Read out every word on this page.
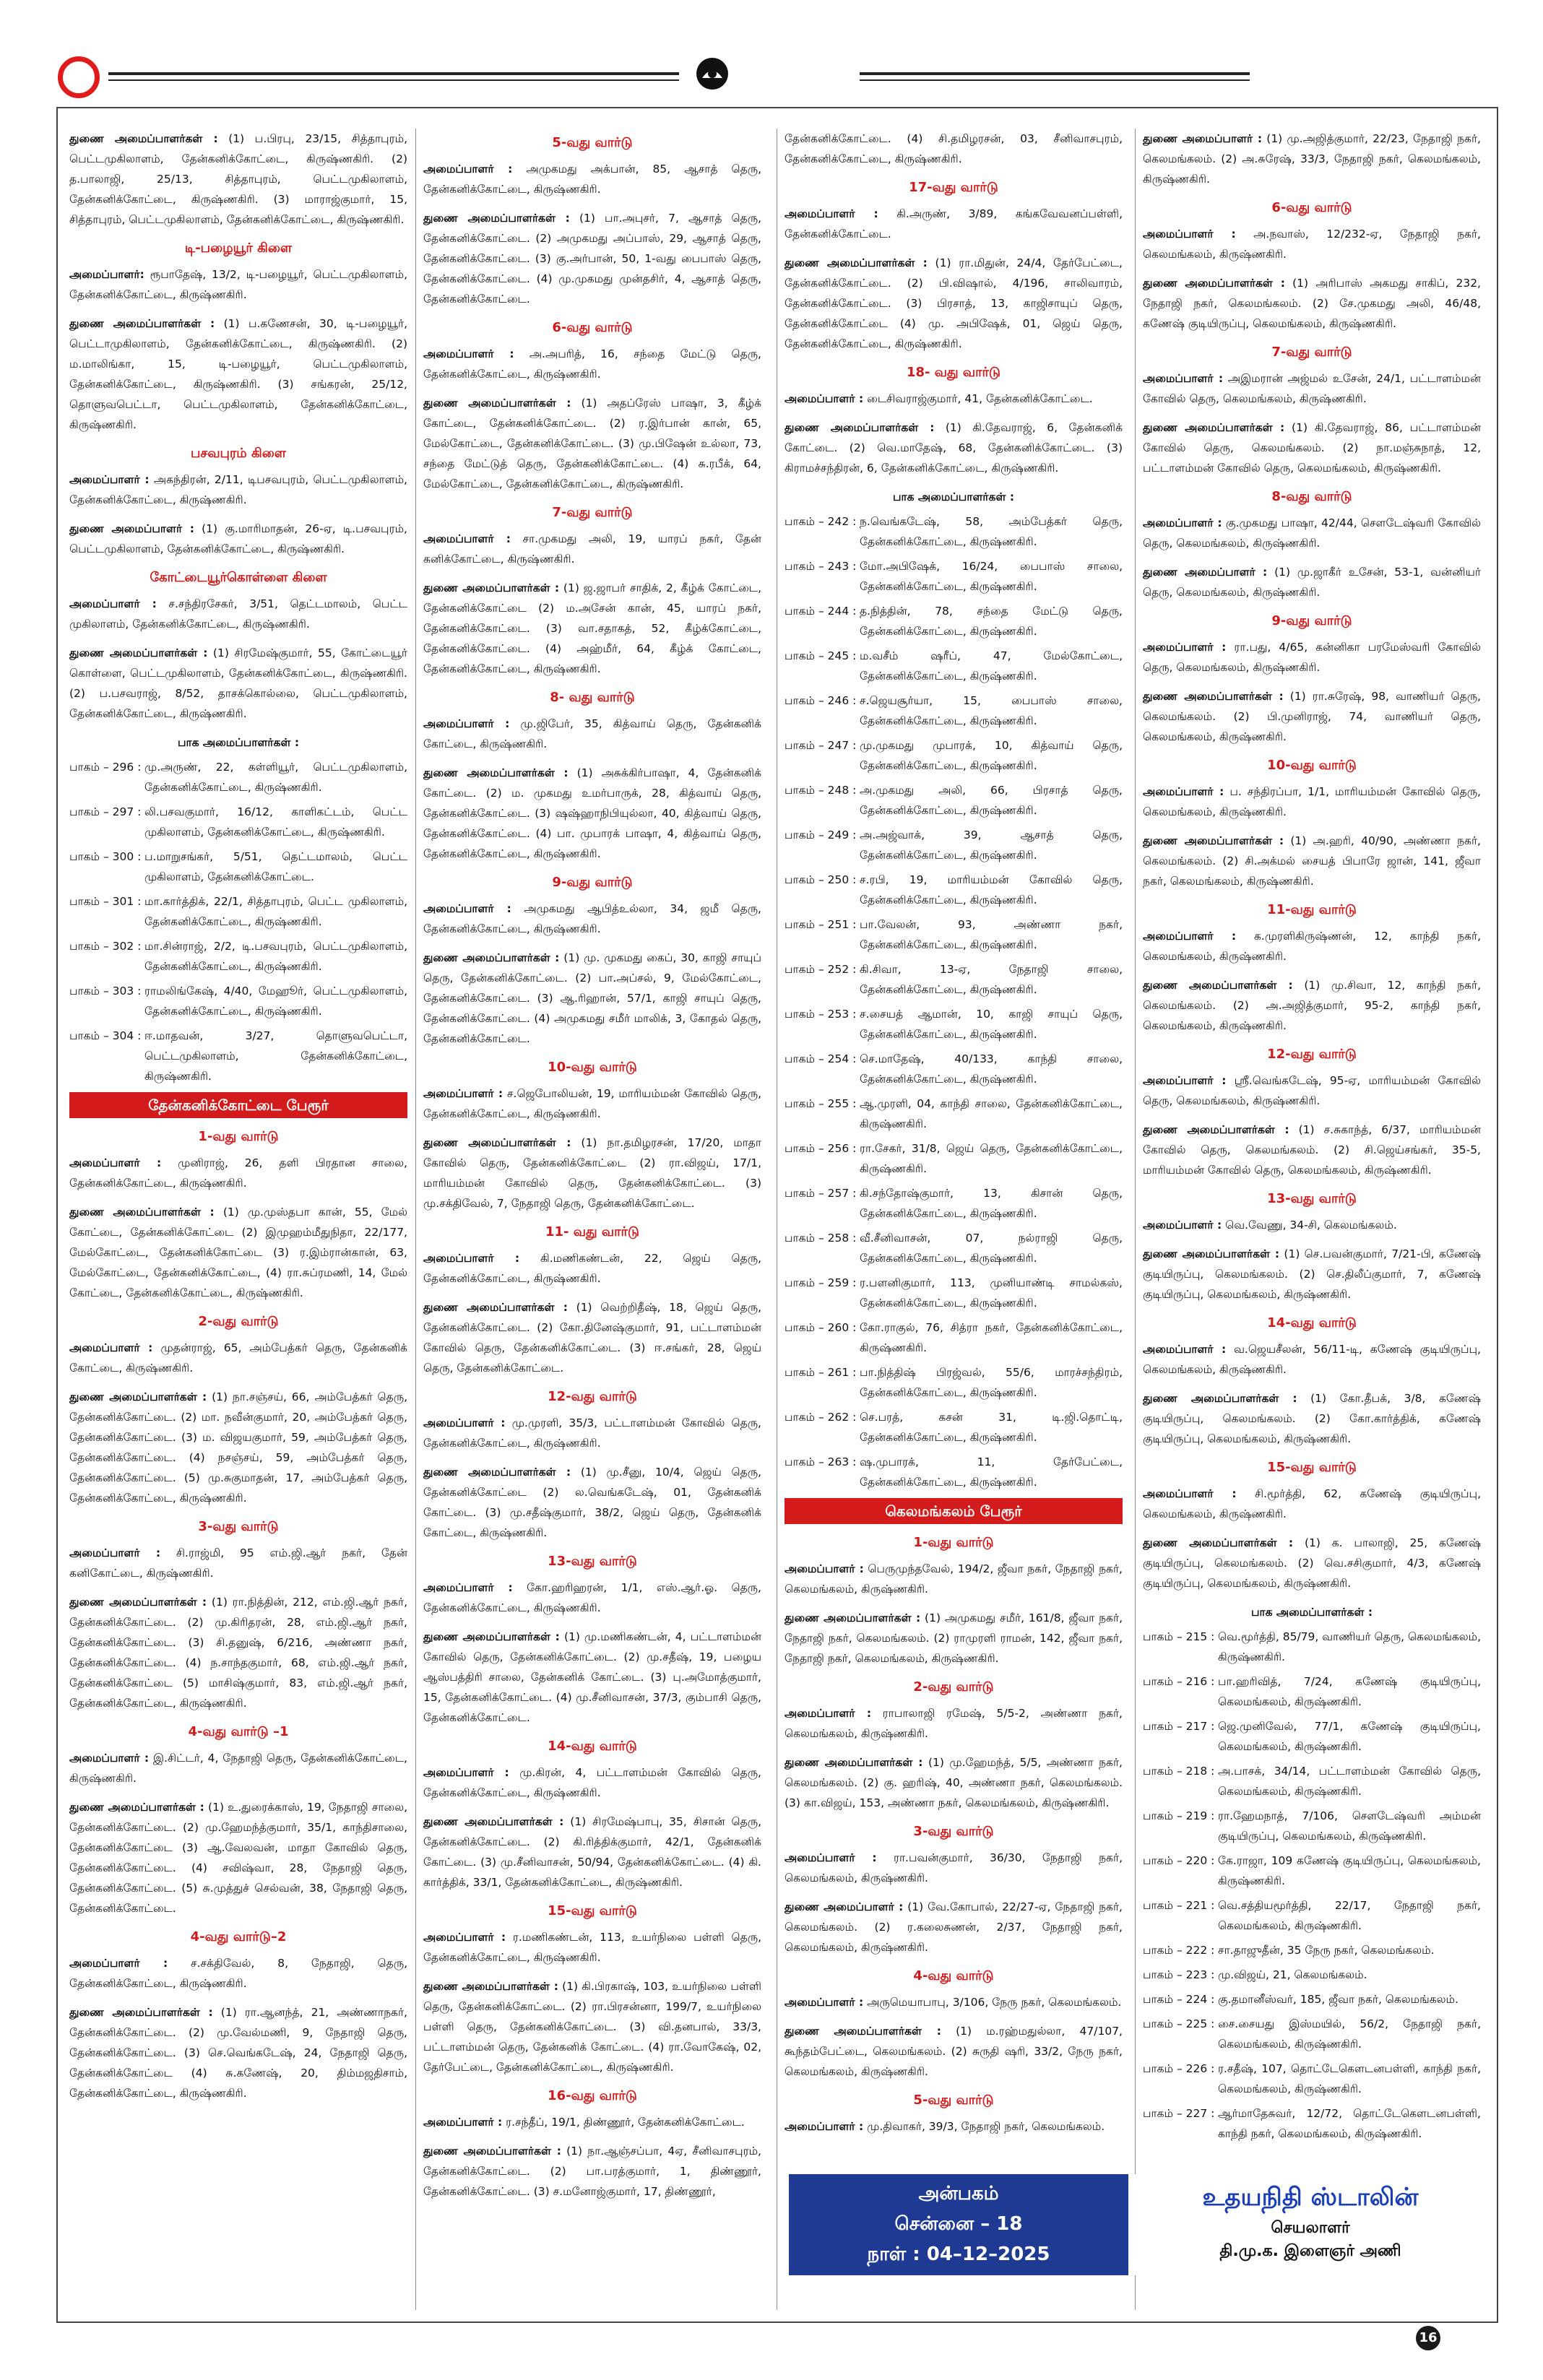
துணை அமைப்பாளர்கள் : (1) ப.பிரபு, 23/15, சித்தாபுரம், பெட்டமுகிலாளம், தேன்கனிக்கோட்டை, கிருஷ்ணகிரி. (2) த.பாலாஜி, 25/13, சித்தாபுரம், பெட்டமுகிலாளம், தேன்கனிக்கோட்டை, கிருஷ்ணகிரி. (3) மாராஜ்குமார், 15, சித்தாபுரம், பெட்டமுகிலாளம், தேன்கனிக்கோட்டை, கிருஷ்ணகிரி.
டி-பழையூர் கிளை
அமைப்பாளர்: ரூபாதேஷ், 13/2, டி-பழையூர், பெட்டமுகிலாளம், தேன்கனிக்கோட்டை, கிருஷ்ணகிரி.
துணை அமைப்பாளர்கள் : (1) ப.கணேசன், 30, டி-பழையூர், பெட்டாமுகிலாளம், தேன்கனிக்கோட்டை, கிருஷ்ணகிரி. (2) ம.மாலிங்கா, 15, டி-பழையூர், பெட்டமுகிலாளம், தேன்கனிக்கோட்டை, கிருஷ்ணகிரி. (3) சங்கரன், 25/12, தொளுவபெட்டா, பெட்டமுகிலாளம், தேன்கனிக்கோட்டை, கிருஷ்ணகிரி.
பசவபுரம் கிளை
அமைப்பாளர் : அகந்திரன், 2/11, டிபசவபுரம், பெட்டமுகிலாளம், தேன்கனிக்கோட்டை, கிருஷ்ணகிரி.
துணை அமைப்பாளர் : (1) கு.மாரிமாதன், 26-ஏ, டி.பசவபுரம், பெட்டமுகிலாளம், தேன்கனிக்கோட்டை, கிருஷ்ணகிரி.
கோட்டையூர்கொள்ளை கிளை
அமைப்பாளர் : ச.சந்திரசேகர், 3/51, தெட்டமாலம், பெட்ட முகிலாளம், தேன்கனிக்கோட்டை, கிருஷ்ணகிரி.
துணை அமைப்பாளர்கள் : (1) சிரமேஷ்குமார், 55, கோட்டையூர் கொள்ளை, பெட்டமுகிலாளம், தேன்கனிக்கோட்டை, கிருஷ்ணகிரி. (2) ப.பசவராஜ், 8/52, தாசக்கொல்லை, பெட்டமுகிலாளம், தேன்கனிக்கோட்டை, கிருஷ்ணகிரி.
பாக அமைப்பாளர்கள் :
பாகம் – 296 : மு.அருண், 22, கள்ளியூர், பெட்டமுகிலாளம், தேன்கனிக்கோட்டை, கிருஷ்ணகிரி.
பாகம் – 297 : லி.பசவகுமார், 16/12, காளிகட்டம், பெட்ட முகிலாளம், தேன்கனிக்கோட்டை, கிருஷ்ணகிரி.
பாகம் – 300 : ப.மாறுசங்கர், 5/51, தெட்டமாலம், பெட்ட முகிலாளம், தேன்கனிக்கோட்டை.
பாகம் – 301 : மா.கார்த்திக், 22/1, சித்தாபுரம், பெட்ட முகிலாளம், தேன்கனிக்கோட்டை, கிருஷ்ணகிரி.
பாகம் – 302 : மா.சின்ராஜ், 2/2, டி.பசவபுரம், பெட்டமுகிலாளம், தேன்கனிக்கோட்டை, கிருஷ்ணகிரி.
பாகம் – 303 : ராமலிங்கேஷ், 4/40, மேஹூர், பெட்டமுகிலாளம், தேன்கனிக்கோட்டை, கிருஷ்ணகிரி.
பாகம் – 304 : ஈ.மாதவன், 3/27, தொளுவபெட்டா, பெட்டமுகிலாளம், தேன்கனிக்கோட்டை, கிருஷ்ணகிரி.
தேன்கனிக்கோட்டை பேரூர்
1-வது வார்டு
அமைப்பாளர் : முனிராஜ், 26, தளி பிரதான சாலை, தேன்கனிக்கோட்டை, கிருஷ்ணகிரி.
துணை அமைப்பாளர்கள் : (1) மு.முஸ்தபா கான், 55, மேல் கோட்டை, தேன்கனிக்கோட்டை (2) இமுஹம்மீதுநிதா, 22/177, மேல்கோட்டை, தேன்கனிக்கோட்டை (3) ர.இம்ரான்கான், 63, மேல்கோட்டை, தேன்கனிக்கோட்டை, (4) ரா.சுப்ரமணி, 14, மேல் கோட்டை, தேன்கனிக்கோட்டை, கிருஷ்ணகிரி.
2-வது வார்டு
அமைப்பாளர் : முதன்ராஜ், 65, அம்பேத்கர் தெரு, தேன்கனிக் கோட்டை, கிருஷ்ணகிரி.
துணை அமைப்பாளர்கள் : (1) நா.சஞ்சய், 66, அம்பேத்கர் தெரு, தேன்கனிக்கோட்டை. (2) மா. நவீன்குமார், 20, அம்பேத்கர் தெரு, தேன்கனிக்கோட்டை. (3) ம. விஜயகுமார், 59, அம்பேத்கர் தெரு, தேன்கனிக்கோட்டை. (4) நசஞ்சய், 59, அம்பேத்கர் தெரு, தேன்கனிக்கோட்டை. (5) மு.சுகுமாதன், 17, அம்பேத்கர் தெரு, தேன்கனிக்கோட்டை, கிருஷ்ணகிரி.
3-வது வார்டு
அமைப்பாளர் : சி.ராஜ்மி, 95 எம்.ஜி.ஆர் நகர், தேன் கனிகோட்டை, கிருஷ்ணகிரி.
துணை அமைப்பாளர்கள் : (1) ரா.நித்தின், 212, எம்.ஜி.ஆர் நகர், தேன்கனிக்கோட்டை. (2) மு.கிரிதரன், 28, எம்.ஜி.ஆர் நகர், தேன்கனிக்கோட்டை. (3) சி.தனுஷ், 6/216, அண்ணா நகர், தேன்கனிக்கோட்டை. (4) ந.சாந்தகுமார், 68, எம்.ஜி.ஆர் நகர், தேன்கனிக்கோட்டை (5) மாசிஷ்குமார், 83, எம்.ஜி.ஆர் நகர், தேன்கனிக்கோட்டை, கிருஷ்ணகிரி.
4-வது வார்டு –1
அமைப்பாளர் : இ.சிட்டர், 4, நேதாஜி தெரு, தேன்கனிக்கோட்டை, கிருஷ்ணகிரி.
துணை அமைப்பாளர்கள் : (1) உ.துரைக்காஸ், 19, நேதாஜி சாலை, தேன்கனிக்கோட்டை. (2) மு.ஹேமந்த்குமார், 35/1, காந்திசாலை, தேன்கனிக்கோட்டை (3) ஆ.வேலவன், மாதா கோவில் தெரு, தேன்கனிக்கோட்டை. (4) சவிஷ்வா, 28, நேதாஜி தெரு, தேன்கனிக்கோட்டை. (5) சு.முத்துச் செல்வன், 38, நேதாஜி தெரு, தேன்கனிக்கோட்டை.
4-வது வார்டு–2
அமைப்பாளர் : ச.சக்திவேல், 8, நேதாஜி, தெரு, தேன்கனிக்கோட்டை, கிருஷ்ணகிரி.
துணை அமைப்பாளர்கள் : (1) ரா.ஆனந்த், 21, அண்ணாநகர், தேன்கனிக்கோட்டை. (2) மு.வேல்மணி, 9, நேதாஜி தெரு, தேன்கனிக்கோட்டை. (3) செ.வெங்கடேஷ், 24, நேதாஜி தெரு, தேன்கனிக்கோட்டை (4) சு.கணேஷ், 20, திம்மஜதிசாம், தேன்கனிக்கோட்டை, கிருஷ்ணகிரி.
5-வது வார்டு
அமைப்பாளர் : அமுகமது அக்பான், 85, ஆசாத் தெரு, தேன்கனிக்கோட்டை, கிருஷ்ணகிரி.
துணை அமைப்பாளர்கள் : (1) பா.அபுசர், 7, ஆசாத் தெரு, தேன்கனிக்கோட்டை. (2) அமுகமது அப்பாஸ், 29, ஆசாத் தெரு, தேன்கனிக்கோட்டை. (3) கு.அர்பான், 50, 1-வது பைபாஸ் தெரு, தேன்கனிக்கோட்டை. (4) மு.முகமது முன்தசிர், 4, ஆசாத் தெரு, தேன்கனிக்கோட்டை.
6-வது வார்டு
அமைப்பாளர் : அ.அபரித், 16, சந்தை மேட்டு தெரு, தேன்கனிக்கோட்டை, கிருஷ்ணகிரி.
துணை அமைப்பாளர்கள் : (1) அதப்ரேஸ் பாஷா, 3, கீழ்க் கோட்டை, தேன்கனிக்கோட்டை. (2) ர.இர்பான் கான், 65, மேல்கோட்டை, தேன்கனிக்கோட்டை. (3) மு.பிஷேன் உல்லா, 73, சந்தை மேட்டுத் தெரு, தேன்கனிக்கோட்டை. (4) சு.ரபீக், 64, மேல்கோட்டை, தேன்கனிக்கோட்டை, கிருஷ்ணகிரி.
7-வது வார்டு
அமைப்பாளர் : சா.முகமது அலி, 19, யாரப் நகர், தேன் கனிக்கோட்டை, கிருஷ்ணகிரி.
துணை அமைப்பாளர்கள் : (1) ஜ.ஜாபர் சாதிக், 2, கீழ்க் கோட்டை, தேன்கனிக்கோட்டை (2) ம.அசேன் கான், 45, யாரப் நகர், தேன்கனிக்கோட்டை. (3) வா.சதாகத், 52, கீழ்க்கோட்டை, தேன்கனிக்கோட்டை. (4) அஹ்மீர், 64, கீழ்க் கோட்டை, தேன்கனிக்கோட்டை, கிருஷ்ணகிரி.
8- வது வார்டு
அமைப்பாளர் : மு.ஜிபேர், 35, கித்வாய் தெரு, தேன்கனிக் கோட்டை, கிருஷ்ணகிரி.
துணை அமைப்பாளர்கள் : (1) அசுக்கிர்பாஷா, 4, தேன்கனிக் கோட்டை. (2) ம. முகமது உமர்பாருக், 28, கித்வாய் தெரு, தேன்கனிக்கோட்டை. (3) ஷஷ்ஹாநிபியுல்லா, 40, கித்வாய் தெரு, தேன்கனிக்கோட்டை. (4) பா. முபாரக் பாஷா, 4, கித்வாய் தெரு, தேன்கனிக்கோட்டை, கிருஷ்ணகிரி.
9-வது வார்டு
அமைப்பாளர் : அமுகமது ஆபித்உல்லா, 34, ஜமீ தெரு, தேன்கனிக்கோட்டை, கிருஷ்ணகிரி.
துணை அமைப்பாளர்கள் : (1) மு. முகமது கைப், 30, காஜி சாயுப் தெரு, தேன்கனிக்கோட்டை. (2) பா.அப்சல், 9, மேல்கோட்டை, தேன்கனிக்கோட்டை. (3) ஆ.ரிஹான், 57/1, காஜி சாயுப் தெரு, தேன்கனிக்கோட்டை. (4) அமுகமது சமீர் மாலிக், 3, கோதல் தெரு, தேன்கனிக்கோட்டை.
10-வது வார்டு
அமைப்பாளர் : ச.ஜெபோலியன், 19, மாரியம்மன் கோவில் தெரு, தேன்கனிக்கோட்டை, கிருஷ்ணகிரி.
துணை அமைப்பாளர்கள் : (1) நா.தமிழரசன், 17/20, மாதா கோவில் தெரு, தேன்கனிக்கோட்டை (2) ரா.விஜய், 17/1, மாரியம்மன் கோவில் தெரு, தேன்கனிக்கோட்டை. (3) மு.சக்திவேல், 7, நேதாஜி தெரு, தேன்கனிக்கோட்டை.
11- வது வார்டு
அமைப்பாளர் : கி.மணிகண்டன், 22, ஜெய் தெரு, தேன்கனிக்கோட்டை, கிருஷ்ணகிரி.
துணை அமைப்பாளர்கள் : (1) வெற்றிதீஷ், 18, ஜெய் தெரு, தேன்கனிக்கோட்டை. (2) கோ.தினேஷ்குமார், 91, பட்டாளம்மன் கோவில் தெரு, தேன்கனிக்கோட்டை. (3) ஈ.சங்கர், 28, ஜெய் தெரு, தேன்கனிக்கோட்டை.
12-வது வார்டு
அமைப்பாளர் : மு.முரளி, 35/3, பட்டாளம்மன் கோவில் தெரு, தேன்கனிக்கோட்டை, கிருஷ்ணகிரி.
துணை அமைப்பாளர்கள் : (1) மு.சீனு, 10/4, ஜெய் தெரு, தேன்கனிக்கோட்டை (2) ல.வெங்கடேஷ், 01, தேன்கனிக் கோட்டை. (3) மு.சதீஷ்குமார், 38/2, ஜெய் தெரு, தேன்கனிக் கோட்டை, கிருஷ்ணகிரி.
13-வது வார்டு
அமைப்பாளர் : கோ.ஹரிஹரன், 1/1, எஸ்.ஆர்.ஓ. தெரு, தேன்கனிக்கோட்டை, கிருஷ்ணகிரி.
துணை அமைப்பாளர்கள் : (1) மு.மணிகண்டன், 4, பட்டாளம்மன் கோவில் தெரு, தேன்கனிக்கோட்டை. (2) மு.சதீஷ், 19, பழைய ஆஸ்பத்திரி சாலை, தேன்கனிக் கோட்டை. (3) பு.அமோத்குமார், 15, தேன்கனிக்கோட்டை. (4) மு.சீனிவாசன், 37/3, கும்பாசி தெரு, தேன்கனிக்கோட்டை.
14-வது வார்டு
அமைப்பாளர் : மு.கிரன், 4, பட்டாளம்மன் கோவில் தெரு, தேன்கனிக்கோட்டை, கிருஷ்ணகிரி.
துணை அமைப்பாளர்கள் : (1) சிரமேஷ்பாபு, 35, சிசான் தெரு, தேன்கனிக்கோட்டை. (2) கி.ரித்திக்குமார், 42/1, தேன்கனிக் கோட்டை. (3) மு.சீனிவாசன், 50/94, தேன்கனிக்கோட்டை. (4) கி. கார்த்திக், 33/1, தேன்கனிக்கோட்டை, கிருஷ்ணகிரி.
15-வது வார்டு
அமைப்பாளர் : ர.மணிகண்டன், 113, உயர்நிலை பள்ளி தெரு, தேன்கனிக்கோட்டை, கிருஷ்ணகிரி.
துணை அமைப்பாளர்கள் : (1) கி.பிரகாஷ், 103, உயர்நிலை பள்ளி தெரு, தேன்கனிக்கோட்டை. (2) ரா.பிரசன்னா, 199/7, உயர்நிலை பள்ளி தெரு, தேன்கனிக்கோட்டை. (3) வி.தனபால், 33/3, பட்டாளம்மன் தெரு, தேன்கனிக் கோட்டை. (4) ரா.வோகேஷ், 02, தேர்பேட்டை, தேன்கனிக்கோட்டை, கிருஷ்ணகிரி.
16-வது வார்டு
அமைப்பாளர் : ர.சந்தீப், 19/1, திண்ணூர், தேன்கனிக்கோட்டை.
துணை அமைப்பாளர்கள் : (1) நா.ஆஞ்சப்பா, 4ஏ, சீனிவாசபுரம், தேன்கனிக்கோட்டை. (2) பா.பரத்குமார், 1, திண்ணூர், தேன்கனிக்கோட்டை. (3) ச.மனோஜ்குமார், 17, திண்ணூர்,
தேன்கனிக்கோட்டை. (4) சி.தமிழரசன், 03, சீனிவாசபுரம், தேன்கனிக்கோட்டை, கிருஷ்ணகிரி.
17-வது வார்டு
அமைப்பாளர் : கி.அருண், 3/89, கங்கவேவனப்பள்ளி, தேன்கனிக்கோட்டை.
துணை அமைப்பாளர்கள் : (1) ரா.மிதுன், 24/4, தேர்பேட்டை, தேன்கனிக்கோட்டை. (2) பி.விஷால், 4/196, சாலிவாரம், தேன்கனிக்கோட்டை. (3) பிரசாத், 13, காஜிசாயுப் தெரு, தேன்கனிக்கோட்டை (4) மு. அபிஷேக், 01, ஜெய் தெரு, தேன்கனிக்கோட்டை, கிருஷ்ணகிரி.
18- வது வார்டு
அமைப்பாளர் : டைசிவராஜ்குமார், 41, தேன்கனிக்கோட்டை.
துணை அமைப்பாளர்கள் : (1) கி.தேவராஜ், 6, தேன்கனிக் கோட்டை. (2) வெ.மாதேஷ், 68, தேன்கனிக்கோட்டை. (3) கிராமச்சந்திரன், 6, தேன்கனிக்கோட்டை, கிருஷ்ணகிரி.
பாக அமைப்பாளர்கள் :
பாகம் – 242 : ந.வெங்கடேஷ், 58, அம்பேத்கர் தெரு, தேன்கனிக்கோட்டை, கிருஷ்ணகிரி.
பாகம் – 243 : மோ.அபிஷேக், 16/24, பைபாஸ் சாலை, தேன்கனிக்கோட்டை, கிருஷ்ணகிரி.
பாகம் – 244 : த.நித்தின், 78, சந்தை மேட்டு தெரு, தேன்கனிக்கோட்டை, கிருஷ்ணகிரி.
பாகம் – 245 : ம.வசீம் ஷரீப், 47, மேல்கோட்டை, தேன்கனிக்கோட்டை, கிருஷ்ணகிரி.
பாகம் – 246 : ச.ஜெயசூர்யா, 15, பைபாஸ் சாலை, தேன்கனிக்கோட்டை, கிருஷ்ணகிரி.
பாகம் – 247 : மு.முகமது முபாரக், 10, கித்வாய் தெரு, தேன்கனிக்கோட்டை, கிருஷ்ணகிரி.
பாகம் – 248 : அ.முகமது அலி, 66, பிரசாத் தெரு, தேன்கனிக்கோட்டை, கிருஷ்ணகிரி.
பாகம் – 249 : அ.அஜ்வாக், 39, ஆசாத் தெரு, தேன்கனிக்கோட்டை, கிருஷ்ணகிரி.
பாகம் – 250 : ச.ரபி, 19, மாரியம்மன் கோவில் தெரு, தேன்கனிக்கோட்டை, கிருஷ்ணகிரி.
பாகம் – 251 : பா.வேலன், 93, அண்ணா நகர், தேன்கனிக்கோட்டை, கிருஷ்ணகிரி.
பாகம் – 252 : கி.சிவா, 13-ஏ, நேதாஜி சாலை, தேன்கனிக்கோட்டை, கிருஷ்ணகிரி.
பாகம் – 253 : ச.சையத் ஆமான், 10, காஜி சாயுப் தெரு, தேன்கனிக்கோட்டை, கிருஷ்ணகிரி.
பாகம் – 254 : செ.மாதேஷ், 40/133, காந்தி சாலை, தேன்கனிக்கோட்டை, கிருஷ்ணகிரி.
பாகம் – 255 : ஆ.முரளி, 04, காந்தி சாலை, தேன்கனிக்கோட்டை, கிருஷ்ணகிரி.
பாகம் – 256 : ரா.சேகர், 31/8, ஜெய் தெரு, தேன்கனிக்கோட்டை, கிருஷ்ணகிரி.
பாகம் – 257 : கி.சந்தோஷ்குமார், 13, கிசான் தெரு, தேன்கனிக்கோட்டை, கிருஷ்ணகிரி.
பாகம் – 258 : வீ.சீனிவாசன், 07, நல்ராஜி தெரு, தேன்கனிக்கோட்டை, கிருஷ்ணகிரி.
பாகம் – 259 : ர.பளனிகுமார், 113, முனியாண்டி சாமல்கஸ், தேன்கனிக்கோட்டை, கிருஷ்ணகிரி.
பாகம் – 260 : கோ.ராகுல், 76, சித்ரா நகர், தேன்கனிக்கோட்டை, கிருஷ்ணகிரி.
பாகம் – 261 : பா.நித்திஷ் பிரஜ்வல், 55/6, மாரச்சந்திரம், தேன்கனிக்கோட்டை, கிருஷ்ணகிரி.
பாகம் – 262 : செ.பரத், கசன் 31, டி.ஜி.தொட்டி, தேன்கனிக்கோட்டை, கிருஷ்ணகிரி.
பாகம் – 263 : ஷ.முபாரக், 11, தேர்பேட்டை, தேன்கனிக்கோட்டை, கிருஷ்ணகிரி.
கெலமங்கலம் பேரூர்
1-வது வார்டு
அமைப்பாளர் : பெருமுந்தவேல், 194/2, ஜீவா நகர், நேதாஜி நகர், கெலமங்கலம், கிருஷ்ணகிரி.
துணை அமைப்பாளர்கள் : (1) அமுகமது சமீர், 161/8, ஜீவா நகர், நேதாஜி நகர், கெலமங்கலம். (2) ராமுரளி ராமன், 142, ஜீவா நகர், நேதாஜி நகர், கெலமங்கலம், கிருஷ்ணகிரி.
2-வது வார்டு
அமைப்பாளர் : ராபாலாஜி ரமேஷ், 5/5-2, அண்ணா நகர், கெலமங்கலம், கிருஷ்ணகிரி.
துணை அமைப்பாளர்கள் : (1) மு.ஹேமந்த், 5/5, அண்ணா நகர், கெலமங்கலம். (2) கு. ஹரிஷ், 40, அண்ணா நகர், கெலமங்கலம். (3) கா.விஜய், 153, அண்ணா நகர், கெலமங்கலம், கிருஷ்ணகிரி.
3-வது வார்டு
அமைப்பாளர் : ரா.பவன்குமார், 36/30, நேதாஜி நகர், கெலமங்கலம், கிருஷ்ணகிரி.
துணை அமைப்பாளர் : (1) வே.கோபால், 22/27-ஏ, நேதாஜி நகர், கெலமங்கலம். (2) ர.கலைசுணன், 2/37, நேதாஜி நகர், கெலமங்கலம், கிருஷ்ணகிரி.
4-வது வார்டு
அமைப்பாளர் : அருமெயாபாபு, 3/106, நேரு நகர், கெலமங்கலம்.
துணை அமைப்பாளர்கள் : (1) ம.ரஹ்மதுல்லா, 47/107, கூந்தம்பேட்டை, கெலமங்கலம். (2) சுருதி ஷரி, 33/2, நேரு நகர், கெலமங்கலம், கிருஷ்ணகிரி.
5-வது வார்டு
அமைப்பாளர் : மு.திவாகர், 39/3, நேதாஜி நகர், கெலமங்கலம்.
துணை அமைப்பாளர் : (1) மு.அஜித்குமார், 22/23, நேதாஜி நகர், கெலமங்கலம். (2) அ.சுரேஷ், 33/3, நேதாஜி நகர், கெலமங்கலம், கிருஷ்ணகிரி.
6-வது வார்டு
அமைப்பாளர் : அ.நவாஸ், 12/232-ஏ, நேதாஜி நகர், கெலமங்கலம், கிருஷ்ணகிரி.
துணை அமைப்பாளர்கள் : (1) அரிபாஸ் அகமது சாகிப், 232, நேதாஜி நகர், கெலமங்கலம். (2) சே.முகமது அலி, 46/48, கணேஷ் குடியிருப்பு, கெலமங்கலம், கிருஷ்ணகிரி.
7-வது வார்டு
அமைப்பாளர் : அஇமரான் அஜ்மல் உசேன், 24/1, பட்டாளம்மன் கோவில் தெரு, கெலமங்கலம், கிருஷ்ணகிரி.
துணை அமைப்பாளர்கள் : (1) கி.தேவராஜ், 86, பட்டாளம்மன் கோவில் தெரு, கெலமங்கலம். (2) நா.மஞ்சுநாத், 12, பட்டாளம்மன் கோவில் தெரு, கெலமங்கலம், கிருஷ்ணகிரி.
8-வது வார்டு
அமைப்பாளர் : கு.முகமது பாஷா, 42/44, சௌடேஷ்வரி கோவில் தெரு, கெலமங்கலம், கிருஷ்ணகிரி.
துணை அமைப்பாளர் : (1) மு.ஜாகீர் உசேன், 53-1, வன்னியர் தெரு, கெலமங்கலம், கிருஷ்ணகிரி.
9-வது வார்டு
அமைப்பாளர் : ரா.பது, 4/65, கன்னிகா பரமேஸ்வரி கோவில் தெரு, கெலமங்கலம், கிருஷ்ணகிரி.
துணை அமைப்பாளர்கள் : (1) ரா.சுரேஷ், 98, வாணியர் தெரு, கெலமங்கலம். (2) பி.முனிராஜ், 74, வாணியர் தெரு, கெலமங்கலம், கிருஷ்ணகிரி.
10-வது வார்டு
அமைப்பாளர் : ப. சந்திரப்பா, 1/1, மாரியம்மன் கோவில் தெரு, கெலமங்கலம், கிருஷ்ணகிரி.
துணை அமைப்பாளர்கள் : (1) அ.ஹரி, 40/90, அண்ணா நகர், கெலமங்கலம். (2) சி.அக்மல் சையத் பிபாரே ஜான், 141, ஜீவா நகர், கெலமங்கலம், கிருஷ்ணகிரி.
11-வது வார்டு
அமைப்பாளர் : க.முரளிகிருஷ்ணன், 12, காந்தி நகர், கெலமங்கலம், கிருஷ்ணகிரி.
துணை அமைப்பாளர்கள் : (1) மு.சிவா, 12, காந்தி நகர், கெலமங்கலம். (2) அ.அஜித்குமார், 95-2, காந்தி நகர், கெலமங்கலம், கிருஷ்ணகிரி.
12-வது வார்டு
அமைப்பாளர் : ஸ்ரீ.வெங்கடேஷ், 95-ஏ, மாரியம்மன் கோவில் தெரு, கெலமங்கலம், கிருஷ்ணகிரி.
துணை அமைப்பாளர்கள் : (1) ச.சுகாந்த், 6/37, மாரியம்மன் கோவில் தெரு, கெலமங்கலம். (2) சி.ஜெய்சங்கர், 35-5, மாரியம்மன் கோவில் தெரு, கெலமங்கலம், கிருஷ்ணகிரி.
13-வது வார்டு
அமைப்பாளர் : வெ.வேணு, 34-சி, கெலமங்கலம்.
துணை அமைப்பாளர்கள் : (1) செ.பவன்குமார், 7/21-பி, கணேஷ் குடியிருப்பு, கெலமங்கலம். (2) செ.திலீப்குமார், 7, கணேஷ் குடியிருப்பு, கெலமங்கலம், கிருஷ்ணகிரி.
14-வது வார்டு
அமைப்பாளர் : வ.ஜெயசீலன், 56/11-டி, கணேஷ் குடியிருப்பு, கெலமங்கலம், கிருஷ்ணகிரி.
துணை அமைப்பாளர்கள் : (1) கோ.தீபக், 3/8, கணேஷ் குடியிருப்பு, கெலமங்கலம். (2) கோ.கார்த்திக், கணேஷ் குடியிருப்பு, கெலமங்கலம், கிருஷ்ணகிரி.
15-வது வார்டு
அமைப்பாளர் : சி.மூர்த்தி, 62, கணேஷ் குடியிருப்பு, கெலமங்கலம், கிருஷ்ணகிரி.
துணை அமைப்பாளர்கள் : (1) க. பாலாஜி, 25, கணேஷ் குடியிருப்பு, கெலமங்கலம். (2) வெ.சசிகுமார், 4/3, கணேஷ் குடியிருப்பு, கெலமங்கலம், கிருஷ்ணகிரி.
பாக அமைப்பாளர்கள் :
பாகம் – 215 : வெ.மூர்த்தி, 85/79, வாணியர் தெரு, கெலமங்கலம், கிருஷ்ணகிரி.
பாகம் – 216 : பா.ஹரிவித், 7/24, கணேஷ் குடியிருப்பு, கெலமங்கலம், கிருஷ்ணகிரி.
பாகம் – 217 : ஜெ.முனிவேல், 77/1, கணேஷ் குடியிருப்பு, கெலமங்கலம், கிருஷ்ணகிரி.
பாகம் – 218 : அ.பாசக், 34/14, பட்டாளம்மன் கோவில் தெரு, கெலமங்கலம், கிருஷ்ணகிரி.
பாகம் – 219 : ரா.ஹேமநாத், 7/106, சௌடேஷ்வரி அம்மன் குடியிருப்பு, கெலமங்கலம், கிருஷ்ணகிரி.
பாகம் – 220 : கே.ராஜா, 109 கணேஷ் குடியிருப்பு, கெலமங்கலம், கிருஷ்ணகிரி.
பாகம் – 221 : வெ.சத்தியமூர்த்தி, 22/17, நேதாஜி நகர், கெலமங்கலம், கிருஷ்ணகிரி.
பாகம் – 222 : சா.தாஜுதீன், 35 நேரு நகர், கெலமங்கலம்.
பாகம் – 223 : மு.விஜய், 21, கெலமங்கலம்.
பாகம் – 224 : கு.தமானீஸ்வர், 185, ஜீவா நகர், கெலமங்கலம்.
பாகம் – 225 : சை.சையது இஸ்மயில், 56/2, நேதாஜி நகர், கெலமங்கலம், கிருஷ்ணகிரி.
பாகம் – 226 : ர.சதீஷ், 107, தொட்டேகௌடனபள்ளி, காந்தி நகர், கெலமங்கலம், கிருஷ்ணகிரி.
பாகம் – 227 : ஆர்மாதேசுவர், 12/72, தொட்டேகௌடனபள்ளி, காந்தி நகர், கெலமங்கலம், கிருஷ்ணகிரி.
அன்பகம்
சென்னை – 18
நாள் : 04–12–2025
உதயநிதி ஸ்டாலின்
செயலாளர்
தி.மு.க. இளைஞர் அணி
16
